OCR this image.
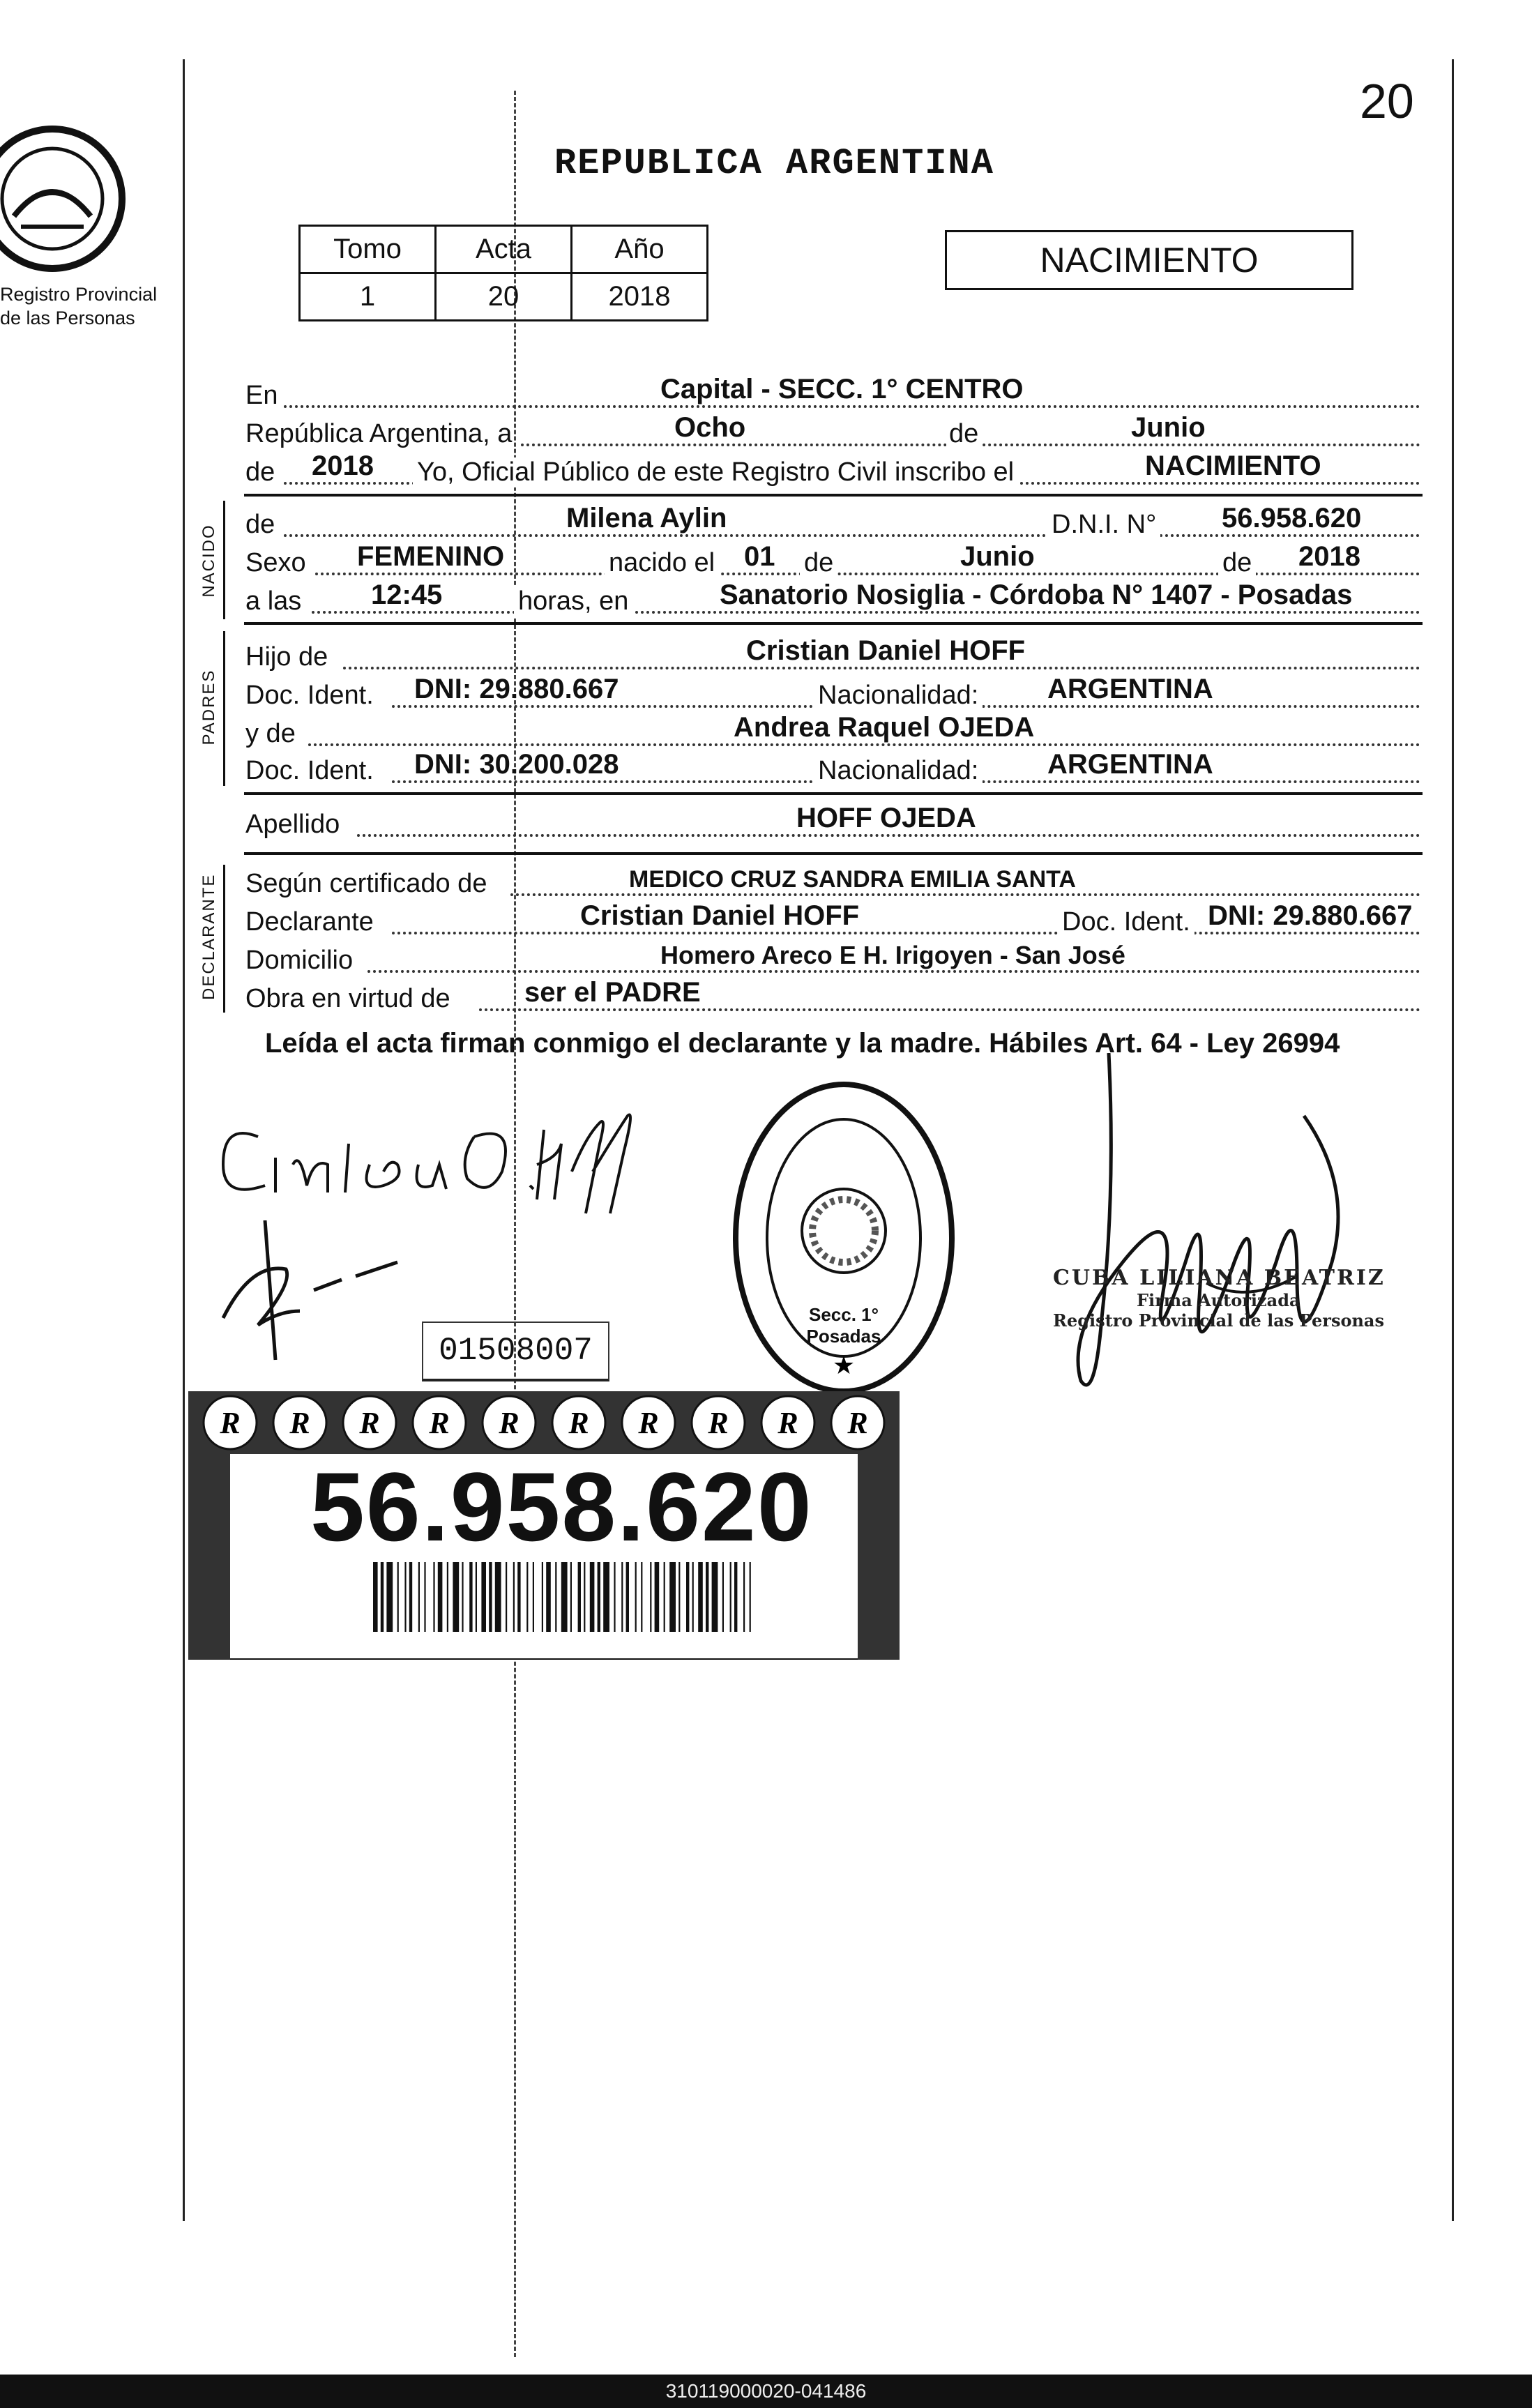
20
Registro Provincial
de las Personas
REPUBLICA ARGENTINA
Tomo	Acta	Año
1	20	2018
NACIMIENTO
En	Capital - SECC. 1° CENTRO
República Argentina, a	Ocho	de	Junio
de 2018 Yo, Oficial Público de este Registro Civil inscribo el	NACIMIENTO
NACIDO de	Milena Aylin	D.N.I. N° 56.958.620
Sexo FEMENINO	nacido el 01 de	Junio	de 2018
a las 12:45	horas, en	Sanatorio Nosiglia - Córdoba N° 1407 - Posadas
PADRES
Hijo de	Cristian Daniel HOFF
Doc. Ident. DNI: 29.880.667	Nacionalidad: ARGENTINA
y de	Andrea Raquel OJEDA
Doc. Ident. DNI: 30.200.028	Nacionalidad: ARGENTINA
Apellido	HOFF OJEDA
DECLARANTE Según certificado de	MEDICO CRUZ SANDRA EMILIA SANTA
Declarante	Cristian Daniel HOFF	Doc. Ident. DNI: 29.880.667
Domicilio	Homero Areco E H. Irigoyen - San José
Obra en virtud de	ser el PADRE
Leída el acta firman conmigo el declarante y la madre. Hábiles Art. 64 - Ley 26994
01508007	★
Secc. 1° Posadas
CUBA LILIANA BEATRIZ
Firma Autorizada
Registro Provincial de las Personas
R R R R R R R R R R
56.958.620
310119000020-041486
